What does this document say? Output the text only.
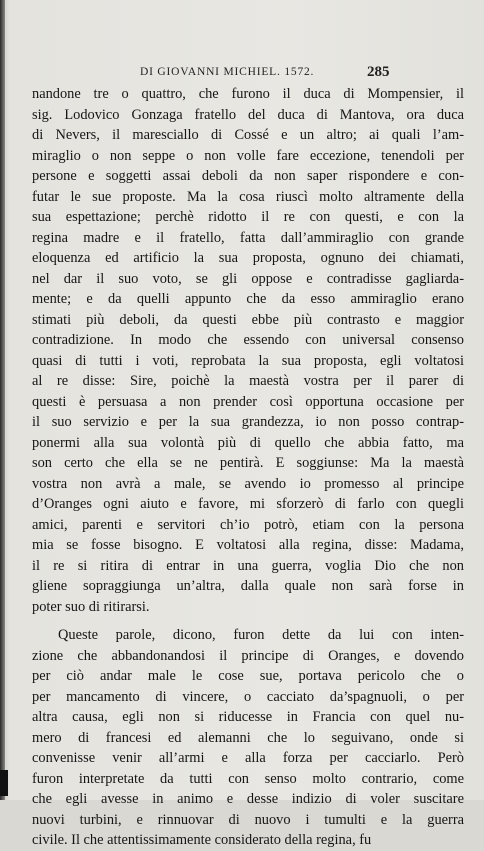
DI GIOVANNI MICHIEL. 1572.	285
nandone tre o quattro, che furono il duca di Mompensier, il
sig. Lodovico Gonzaga fratello del duca di Mantova, ora duca
di Nevers, il maresciallo di Cossé e un altro; ai quali l’am-
miraglio o non seppe o non volle fare eccezione, tenendoli per
persone e soggetti assai deboli da non saper rispondere e con-
futar le sue proposte. Ma la cosa riuscì molto altramente della
sua espettazione; perchè ridotto il re con questi, e con la
regina madre e il fratello, fatta dall’ammiraglio con grande
eloquenza ed artificio la sua proposta, ognuno dei chiamati,
nel dar il suo voto, se gli oppose e contradisse gagliarda-
mente; e da quelli appunto che da esso ammiraglio erano
stimati più deboli, da questi ebbe più contrasto e maggior
contradizione. In modo che essendo con universal consenso
quasi di tutti i voti, reprobata la sua proposta, egli voltatosi
al re disse: Sire, poichè la maestà vostra per il parer di
questi è persuasa a non prender così opportuna occasione per
il suo servizio e per la sua grandezza, io non posso contrap-
ponermi alla sua volontà più di quello che abbia fatto, ma
son certo che ella se ne pentirà. E soggiunse: Ma la maestà
vostra non avrà a male, se avendo io promesso al principe
d’Oranges ogni aiuto e favore, mi sforzerò di farlo con quegli
amici, parenti e servitori ch’io potrò, etiam con la persona
mia se fosse bisogno. E voltatosi alla regina, disse: Madama,
il re si ritira di entrar in una guerra, voglia Dio che non
gliene sopraggiunga un’altra, dalla quale non sarà forse in
poter suo di ritirarsi.
Queste parole, dicono, furon dette da lui con inten-
zione che abbandonandosi il principe di Oranges, e dovendo
per ciò andar male le cose sue, portava pericolo che o
per mancamento di vincere, o cacciato da’spagnuoli, o per
altra causa, egli non si riducesse in Francia con quel nu-
mero di francesi ed alemanni che lo seguivano, onde si
convenisse venir all’armi e alla forza per cacciarlo. Però
furon interpretate da tutti con senso molto contrario, come
che egli avesse in animo e desse indizio di voler suscitare
nuovi turbini, e rinnuovar di nuovo i tumulti e la guerra
civile. Il che attentissimamente considerato della regina, fu
